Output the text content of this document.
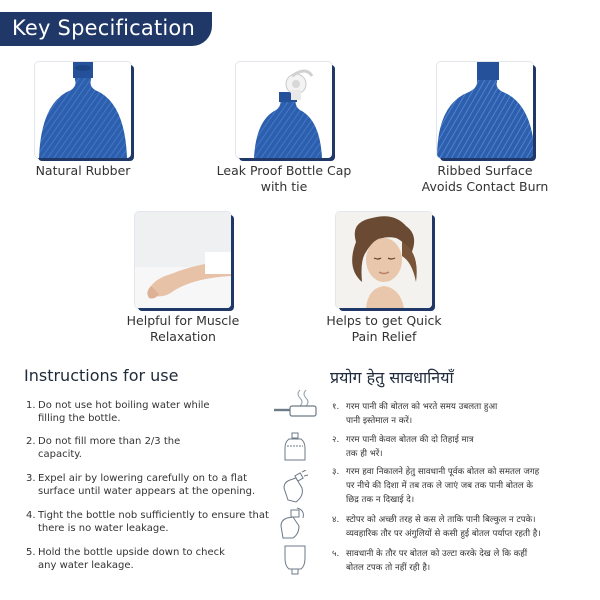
Key Specification
Natural Rubber	Leak Proof Bottle Cap
with tie
Ribbed Surface
Avoids Contact Burn
Helpful for Muscle
Relaxation
Helps to get Quick
Pain Relief
Instructions for use
1. Do not use hot boiling water while
filling the bottle.
2. Do not fill more than 2/3 the
capacity.
3. Expel air by lowering carefully on to a flat
surface until water appears at the opening.
4. Tight the bottle nob sufficiently to ensure that
there is no water leakage.
5. Hold the bottle upside down to check
any water leakage.
प्रयोग हेतु सावधानियाँ
१. गरम पानी की बोतल को भरते समय उबलता हुआ
पानी इस्तेमाल न करें।
२. गरम पानी केवल बोतल की दो तिहाई मात्र
तक ही भरें।
३. गरम हवा निकालने हेतु सावधानी पूर्वक बोतल को समतल जगह
पर नीचे की दिशा में तब तक ले जाएं जब तक पानी बोतल के
छिद्र तक न दिखाई दे।
४. स्टोपर को अच्छी तरह से कस ले ताकि पानी बिल्कुल न टपके।
व्यवहारिक तौर पर अंगुलियों से कसी हुई बोतल पर्याप्त रहती है।
५. सावधानी के तौर पर बोतल को उल्टा करके देख ले कि कहीं
बोतल टपक तो नहीं रही है।
